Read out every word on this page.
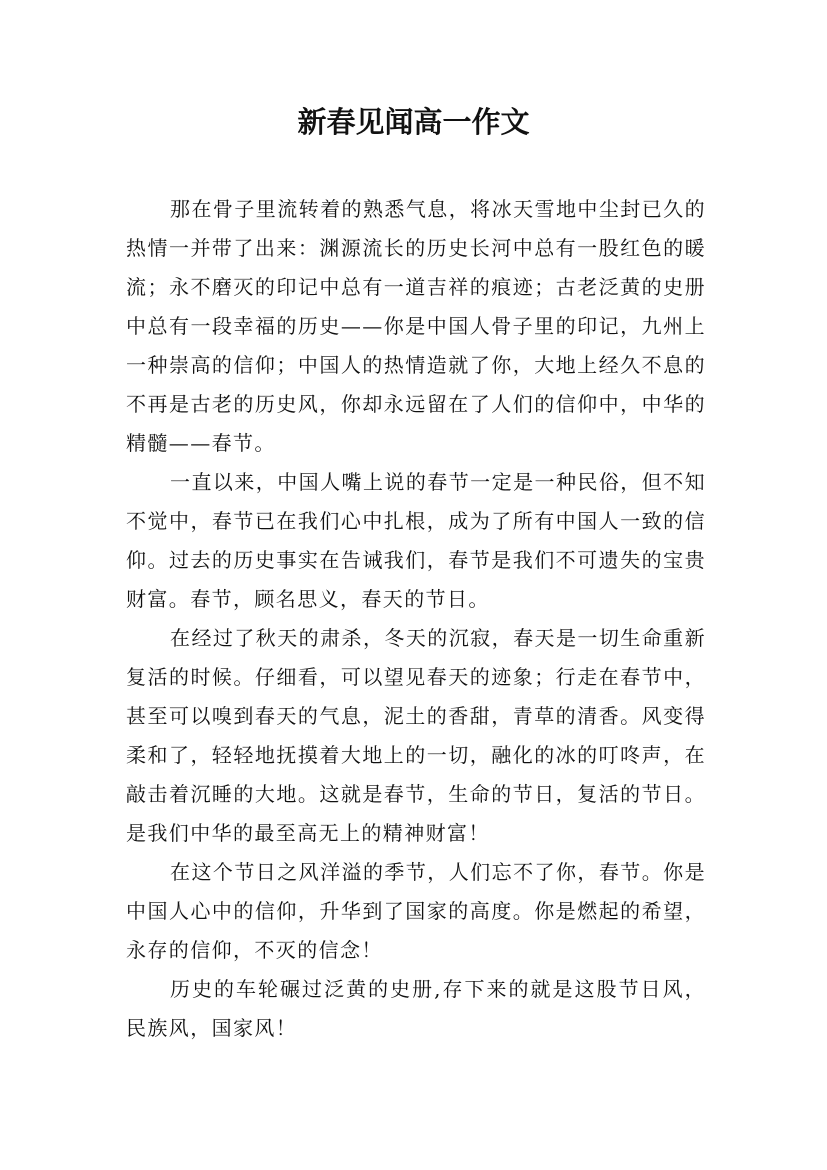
新春见闻高一作文

那在骨子里流转着的熟悉气息，将冰天雪地中尘封已久的热情一并带了出来：渊源流长的历史长河中总有一股红色的暖流；永不磨灭的印记中总有一道吉祥的痕迹；古老泛黄的史册中总有一段幸福的历史——你是中国人骨子里的印记，九州上一种崇高的信仰；中国人的热情造就了你，大地上经久不息的不再是古老的历史风，你却永远留在了人们的信仰中，中华的精髓——春节。

一直以来，中国人嘴上说的春节一定是一种民俗，但不知不觉中，春节已在我们心中扎根，成为了所有中国人一致的信仰。过去的历史事实在告诫我们，春节是我们不可遗失的宝贵财富。春节，顾名思义，春天的节日。

在经过了秋天的肃杀，冬天的沉寂，春天是一切生命重新复活的时候。仔细看，可以望见春天的迹象；行走在春节中，甚至可以嗅到春天的气息，泥土的香甜，青草的清香。风变得柔和了，轻轻地抚摸着大地上的一切，融化的冰的叮咚声，在敲击着沉睡的大地。这就是春节，生命的节日，复活的节日。是我们中华的最至高无上的精神财富！

在这个节日之风洋溢的季节，人们忘不了你，春节。你是中国人心中的信仰，升华到了国家的高度。你是燃起的希望，永存的信仰，不灭的信念！

历史的车轮碾过泛黄的史册,存下来的就是这股节日风，民族风，国家风！
